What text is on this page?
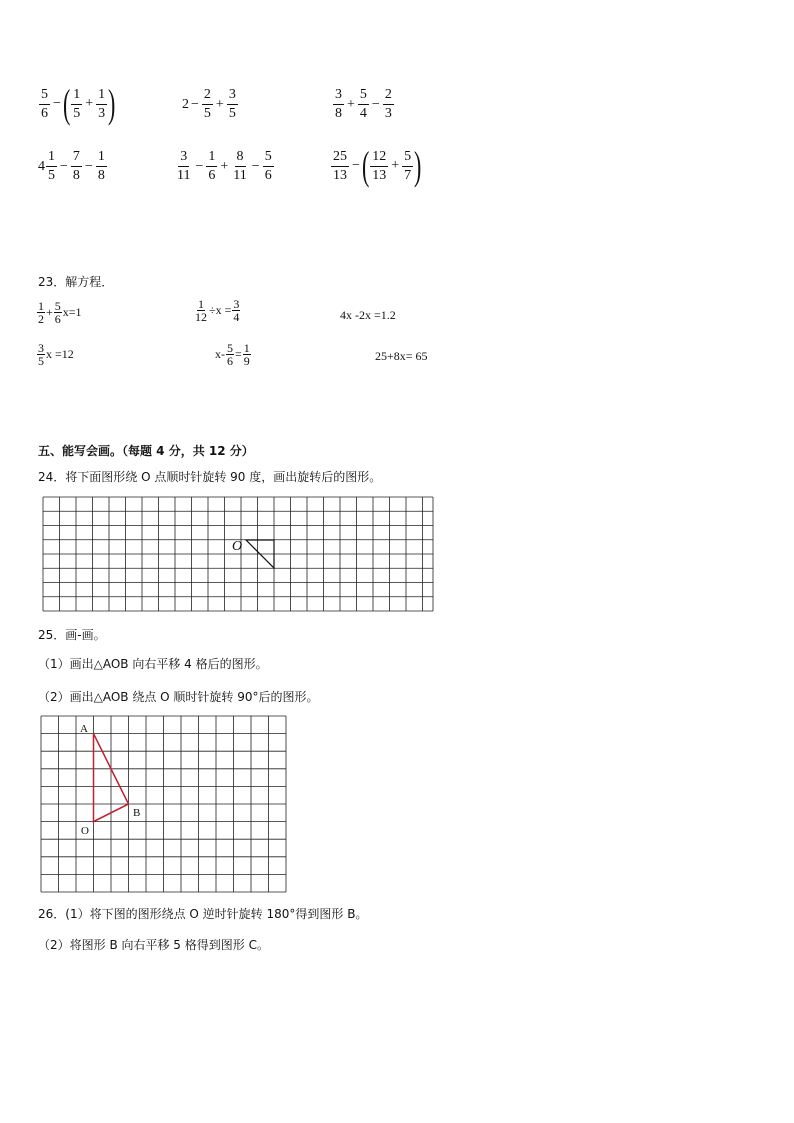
$\frac{5}{6}$ − ( $\frac{1}{5} + \frac{1}{3}$ )	$2 - \frac{2}{5} + \frac{3}{5}$	$\frac{3}{8} + \frac{5}{4} - \frac{2}{3}$
$4 \frac{1}{5} - \frac{7}{8} - \frac{1}{8}$	$\frac{3}{11} - \frac{1}{6} + \frac{8}{11} - \frac{5}{6}$	$\frac{25}{13}$ − ( $\frac{12}{13} + \frac{5}{7}$ )
23．解方程．
$\frac{1}{2} + \frac{5}{6} x=1$	$\frac{1}{12} \div x = \frac{3}{4}$	4x -2x =1.2
$\frac{3}{5}$ x =12	$x- \frac{5}{6} = \frac{1}{9}$	25+8x= 65
五、能写会画。（每题 4 分，共 12 分）
24．将下面图形绕 O 点顺时针旋转 90 度，画出旋转后的图形。
O
25．画-画。
（1）画出△AOB 向右平移 4 格后的图形。
（2）画出△AOB 绕点 O 顺时针旋转 90°后的图形。
A
B
O
26．(1）将下图的图形绕点 O 逆时针旋转 180°得到图形 B。
（2）将图形 B 向右平移 5 格得到图形 C。
